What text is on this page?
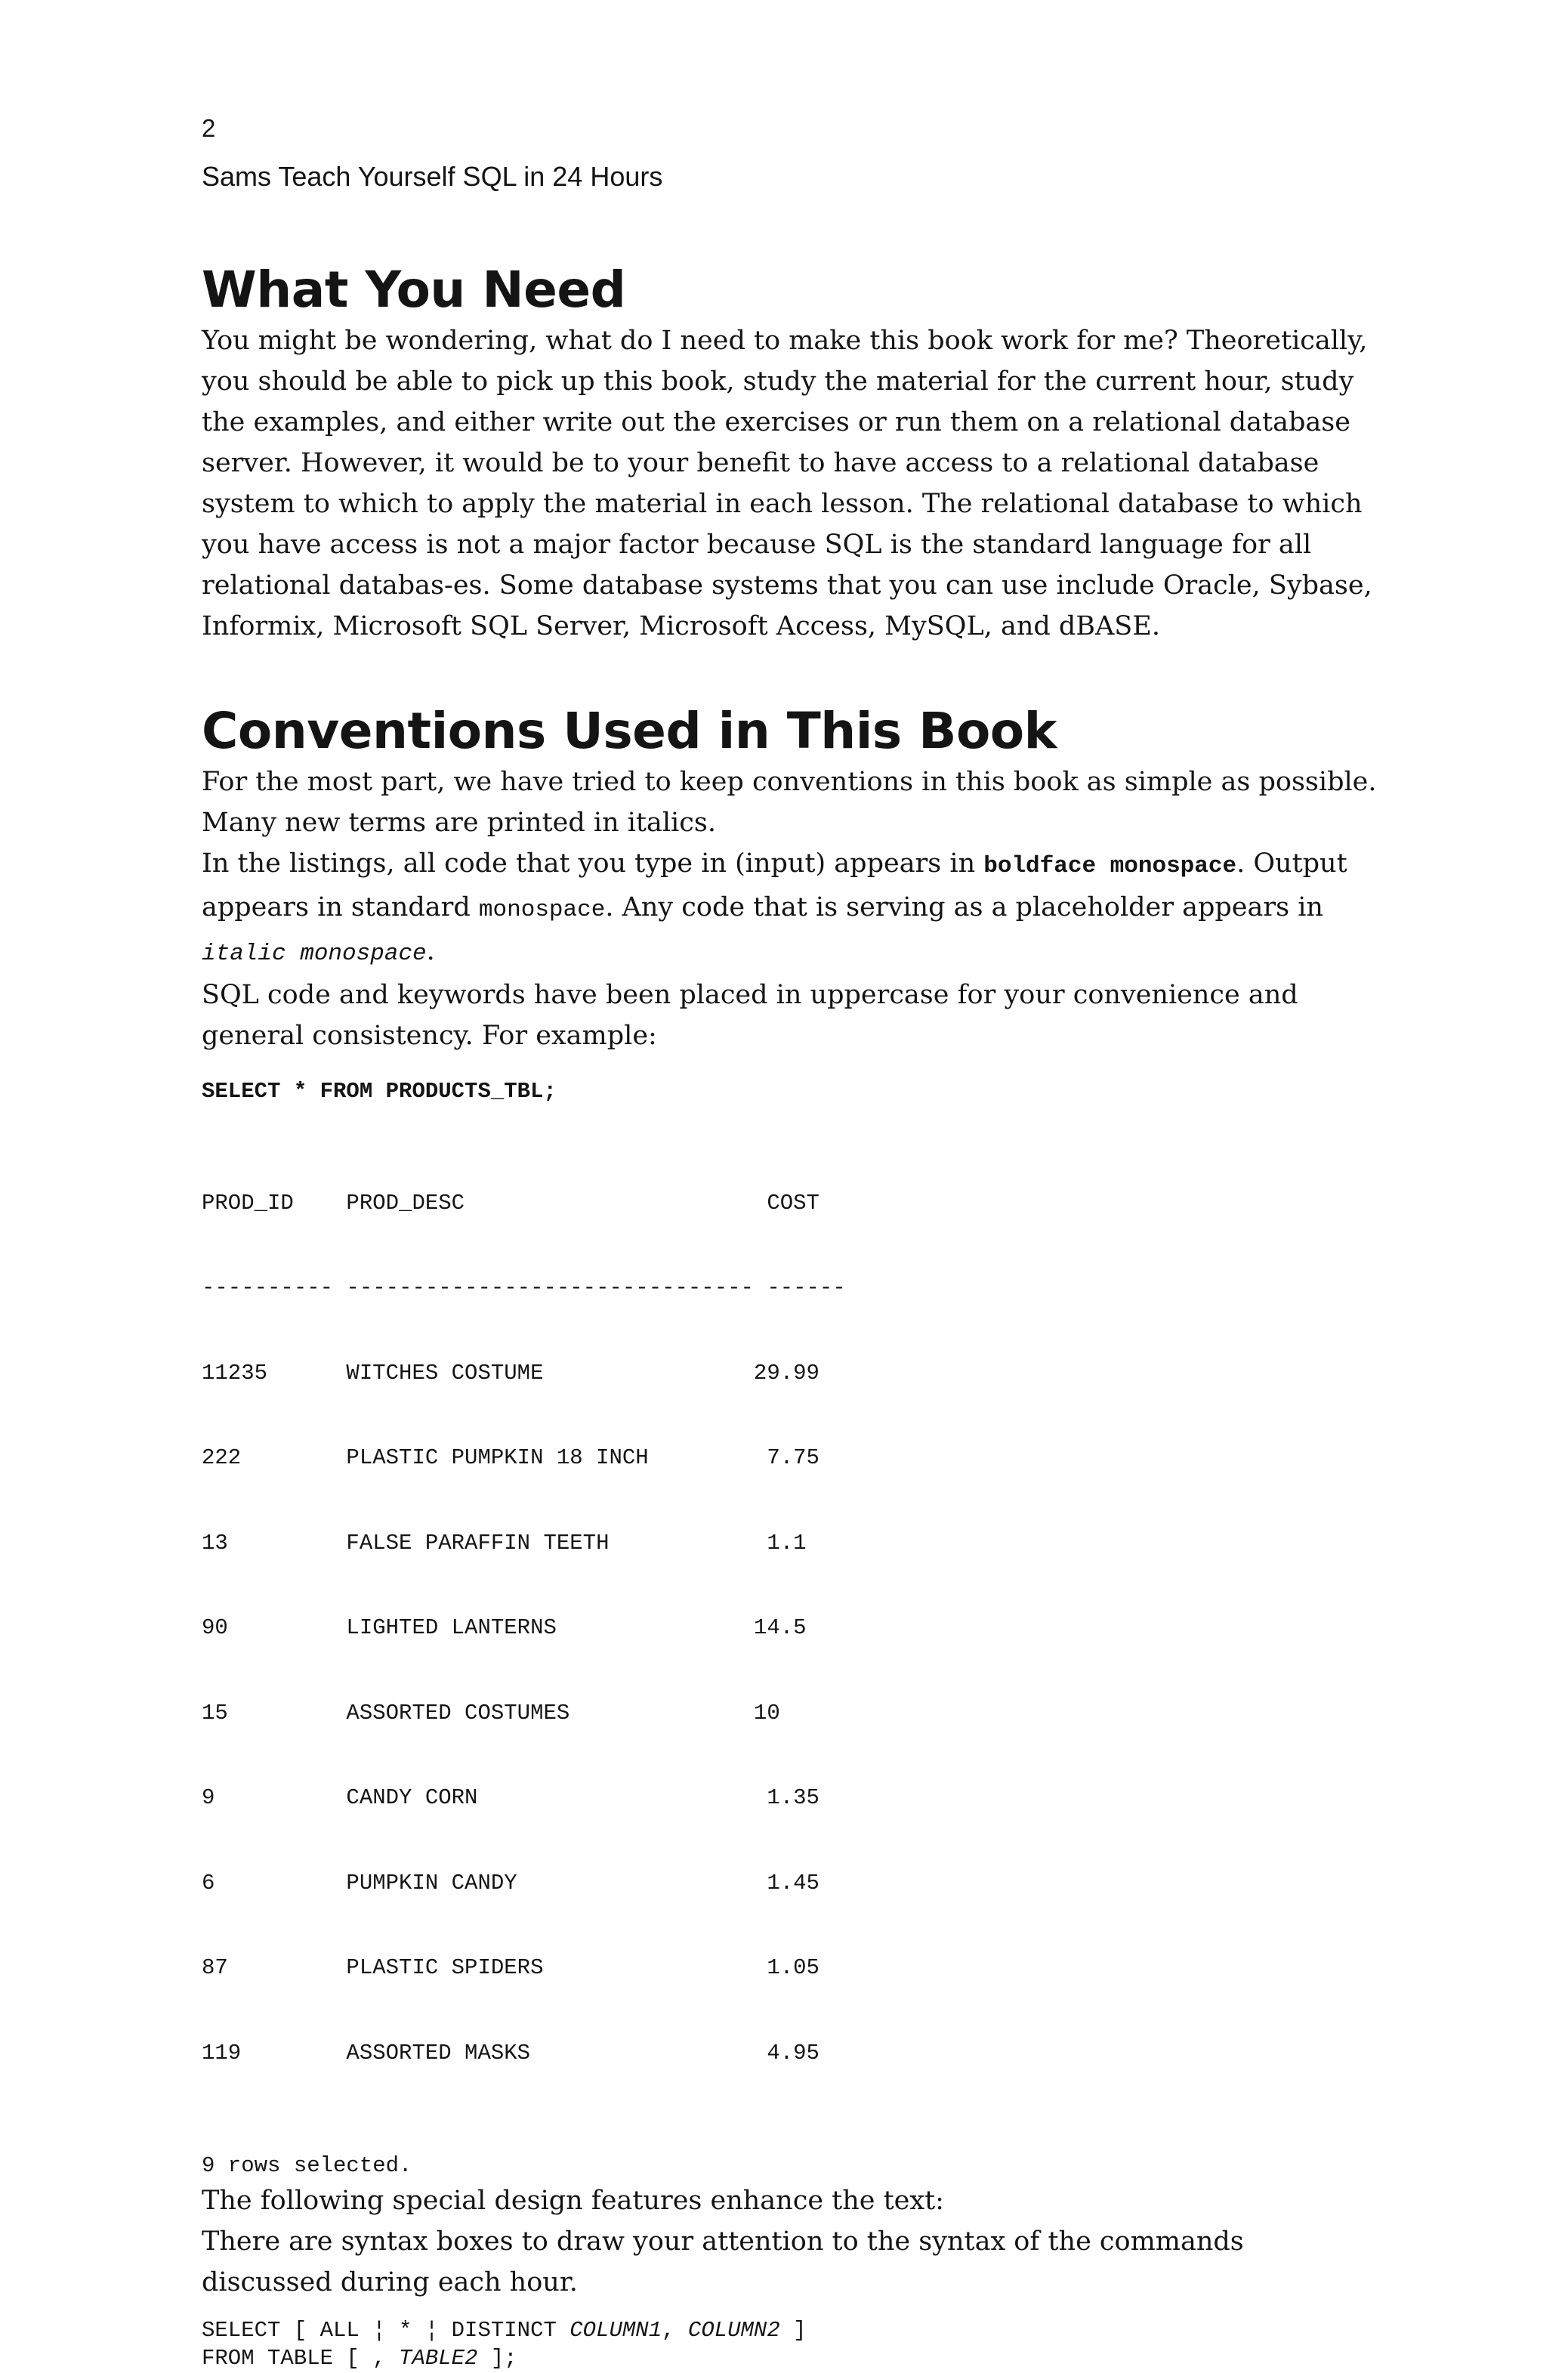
2
Sams Teach Yourself SQL in 24 Hours
What You Need

You might be wondering, what do I need to make this book work for me? Theoretically, you should be able to pick up this book, study the material for the current hour, study the examples, and either write out the exercises or run them on a relational database server. However, it would be to your benefit to have access to a relational database system to which to apply the material in each lesson. The relational database to which you have access is not a major factor because SQL is the standard language for all relational databas-es. Some database systems that you can use include Oracle, Sybase, Informix, Microsoft SQL Server, Microsoft Access, MySQL, and dBASE.

Conventions Used in This Book

For the most part, we have tried to keep conventions in this book as simple as possible.

Many new terms are printed in italics.

In the listings, all code that you type in (input) appears in boldface monospace. Output appears in standard monospace. Any code that is serving as a placeholder appears in italic monospace.

SQL code and keywords have been placed in uppercase for your convenience and general consistency. For example:

SELECT * FROM PRODUCTS_TBL;

PROD_ID    PROD_DESC                       COST

---------- ------------------------------- ------

11235      WITCHES COSTUME                29.99

222        PLASTIC PUMPKIN 18 INCH         7.75

13         FALSE PARAFFIN TEETH            1.1

90         LIGHTED LANTERNS               14.5

15         ASSORTED COSTUMES              10

9          CANDY CORN                      1.35

6          PUMPKIN CANDY                   1.45

87         PLASTIC SPIDERS                 1.05

119        ASSORTED MASKS                  4.95

9 rows selected.

The following special design features enhance the text:

There are syntax boxes to draw your attention to the syntax of the commands discussed during each hour.

SELECT [ ALL ¦ * ¦ DISTINCT COLUMN1, COLUMN2 ]
FROM TABLE [ , TABLE2 ];
